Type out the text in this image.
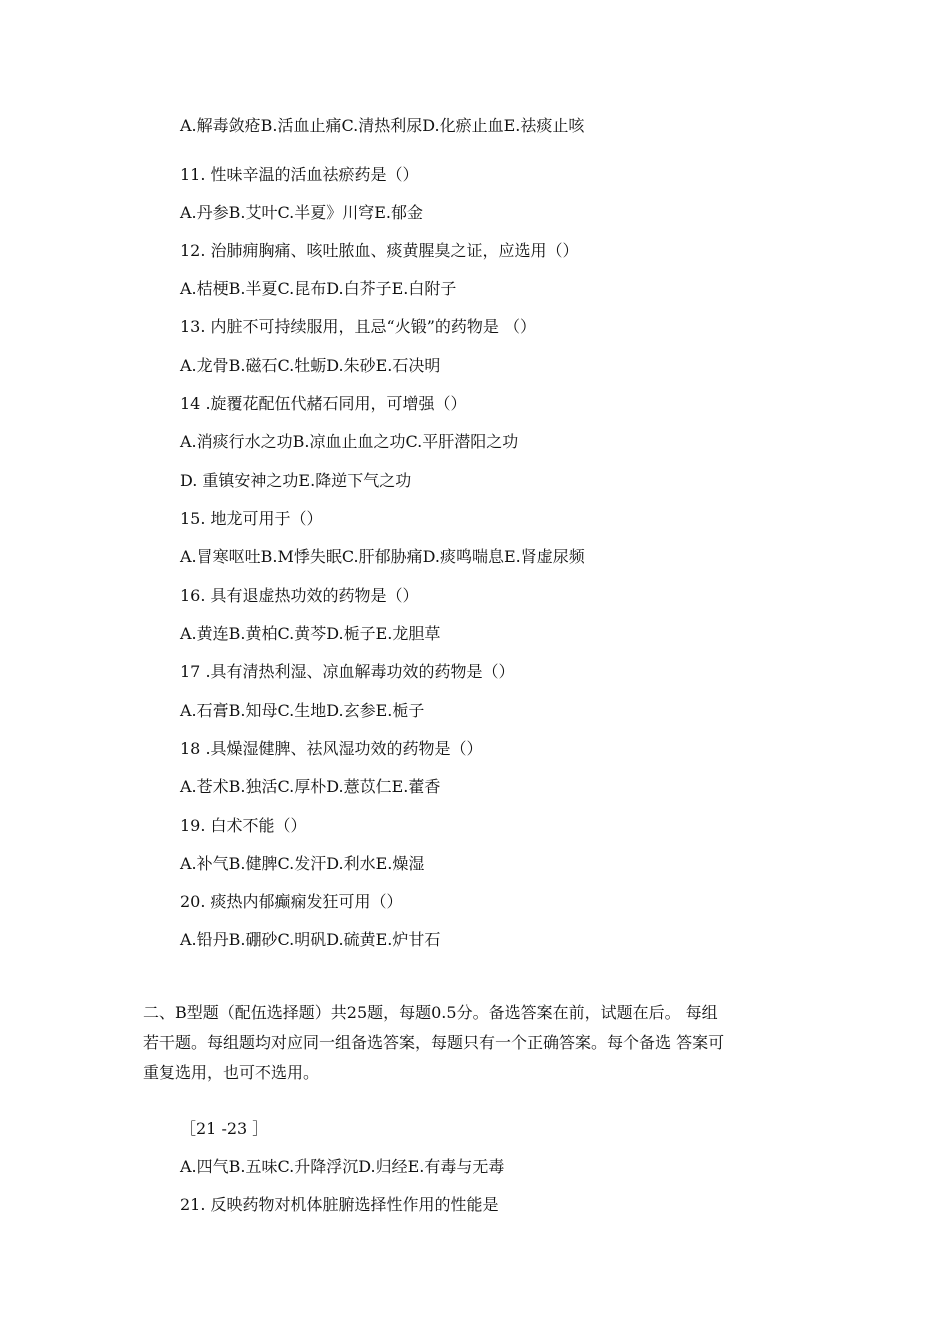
A.解毒敛疮B.活血止痛C.清热利尿D.化瘀止血E.祛痰止咳
11. 性味辛温的活血祛瘀药是（）
A.丹参B.艾叶C.半夏》川穹E.郁金
12. 治肺痈胸痛、咳吐脓血、痰黄腥臭之证，应选用（）
A.桔梗B.半夏C.昆布D.白芥子E.白附子
13. 内脏不可持续服用，且忌“火锻”的药物是 （）
A.龙骨B.磁石C.牡蛎D.朱砂E.石决明
14 .旋覆花配伍代赭石同用，可增强（）
A.消痰行水之功B.凉血止血之功C.平肝潜阳之功
D. 重镇安神之功E.降逆下气之功
15. 地龙可用于（）
A.冒寒呕吐B.M悸失眠C.肝郁胁痛D.痰鸣喘息E.肾虚尿频
16. 具有退虚热功效的药物是（）
A.黄连B.黄柏C.黄芩D.栀子E.龙胆草
17 .具有清热利湿、凉血解毒功效的药物是（）
A.石膏B.知母C.生地D.玄参E.栀子
18 .具燥湿健脾、祛风湿功效的药物是（）
A.苍术B.独活C.厚朴D.薏苡仁E.藿香
19. 白术不能（）
A.补气B.健脾C.发汗D.利水E.燥湿
20. 痰热内郁癫痫发狂可用（）
A.铅丹B.硼砂C.明矾D.硫黄E.炉甘石

二、B型题（配伍选择题）共25题，每题0.5分。备选答案在前，试题在后。 每组

若干题。每组题均对应同一组备选答案，每题只有一个正确答案。每个备选 答案可

重复选用，也可不选用。

［21 -23 ］
A.四气B.五味C.升降浮沉D.归经E.有毒与无毒
21. 反映药物对机体脏腑选择性作用的性能是
